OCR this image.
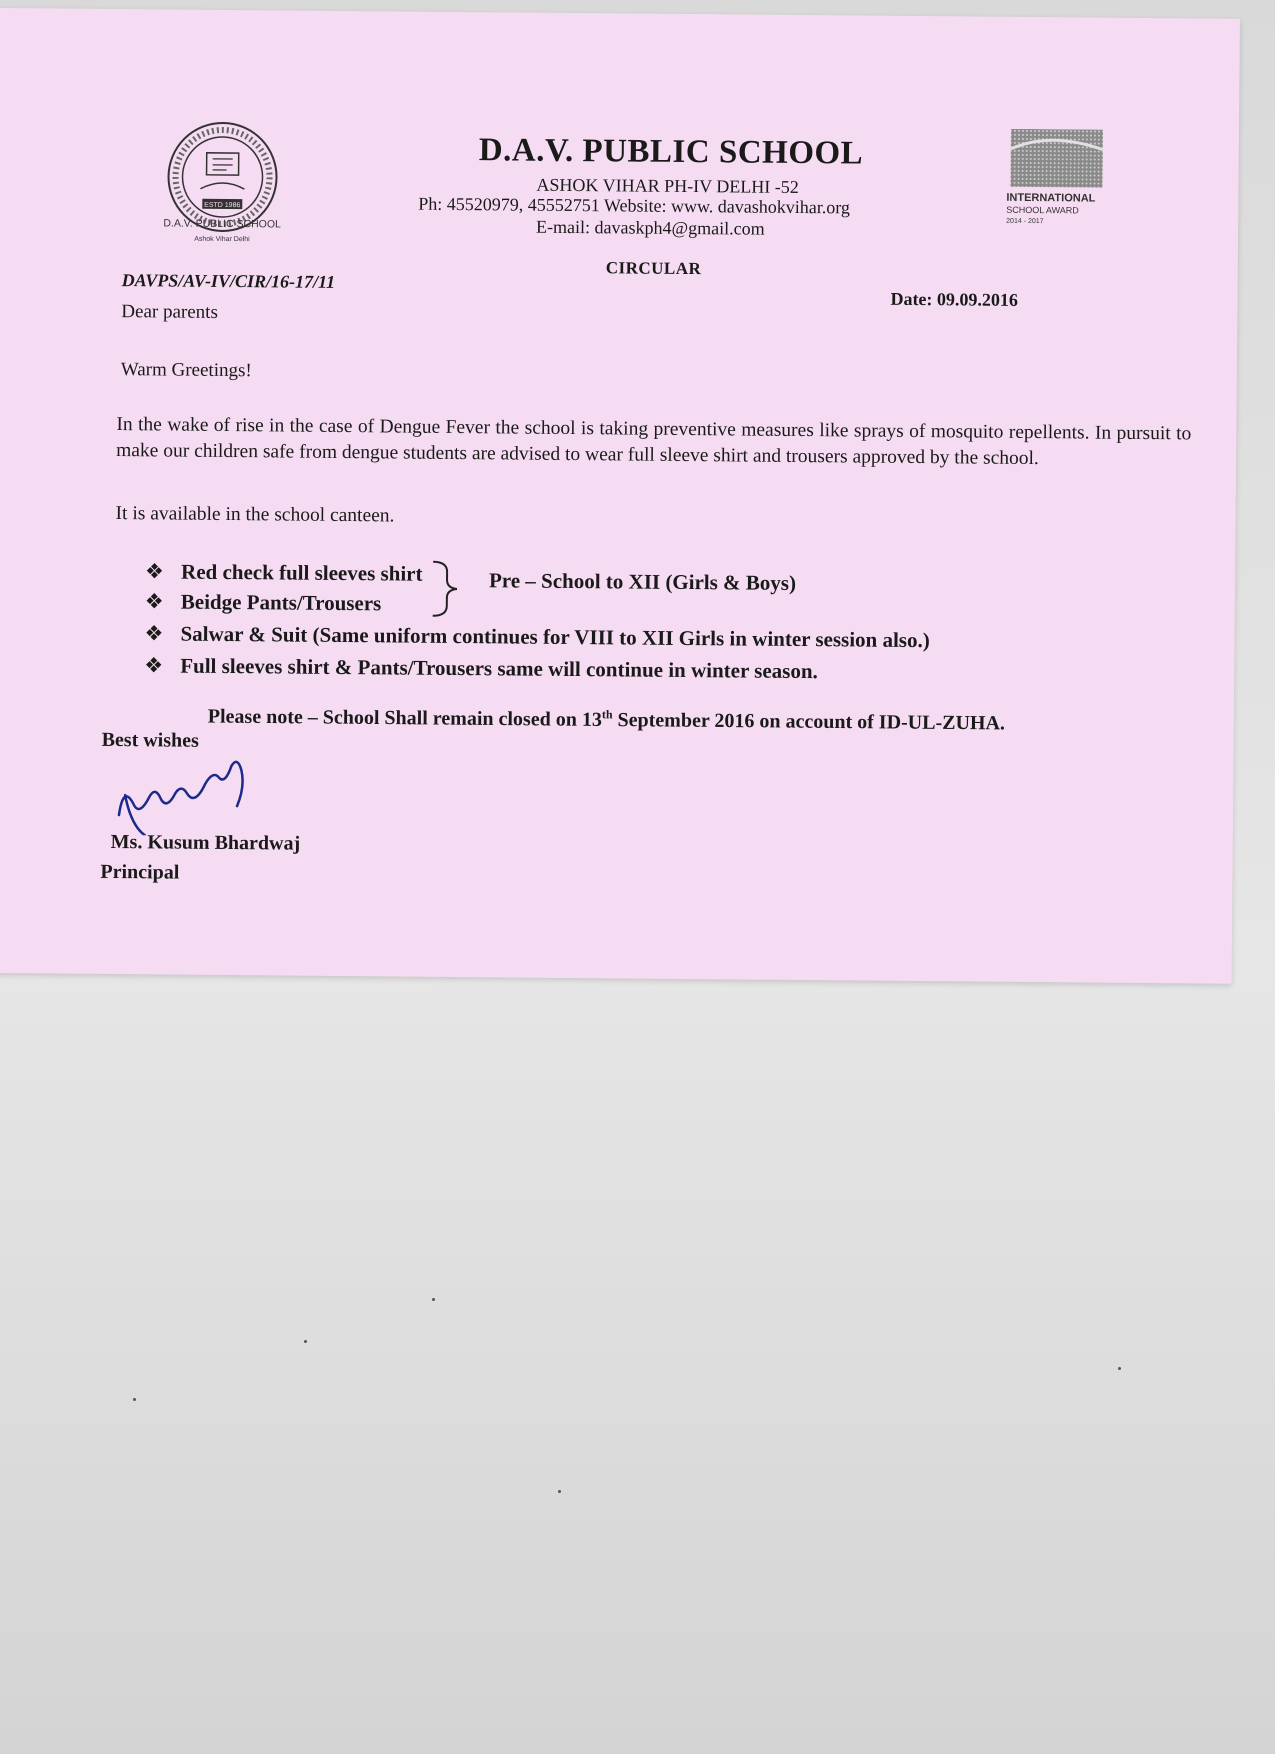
ESTD 1986
D.A.V. PUBLIC SCHOOL
Ashok Vihar Delhi
D.A.V. PUBLIC SCHOOL
ASHOK VIHAR PH-IV DELHI -52
Ph: 45520979, 45552751 Website: www. davashokvihar.org
E-mail: davaskph4@gmail.com
INTERNATIONAL
SCHOOL AWARD
2014 - 2017
CIRCULAR
DAVPS/AV-IV/CIR/16-17/11
Date: 09.09.2016
Dear parents
Warm Greetings!

In the wake of rise in the case of Dengue Fever the school is taking preventive measures like sprays of mosquito repellents. In pursuit to make our children safe from dengue students are advised to wear full sleeve shirt and trousers approved by the school.

It is available in the school canteen.
❖ Red check full sleeves shirt
❖ Beidge Pants/Trousers
Pre – School to XII (Girls & Boys)
❖ Salwar & Suit (Same uniform continues for VIII to XII Girls in winter session also.)
❖ Full sleeves shirt & Pants/Trousers same will continue in winter season.
Please note – School Shall remain closed on 13th September 2016 on account of ID-UL-ZUHA.
Best wishes
Ms. Kusum Bhardwaj
Principal
